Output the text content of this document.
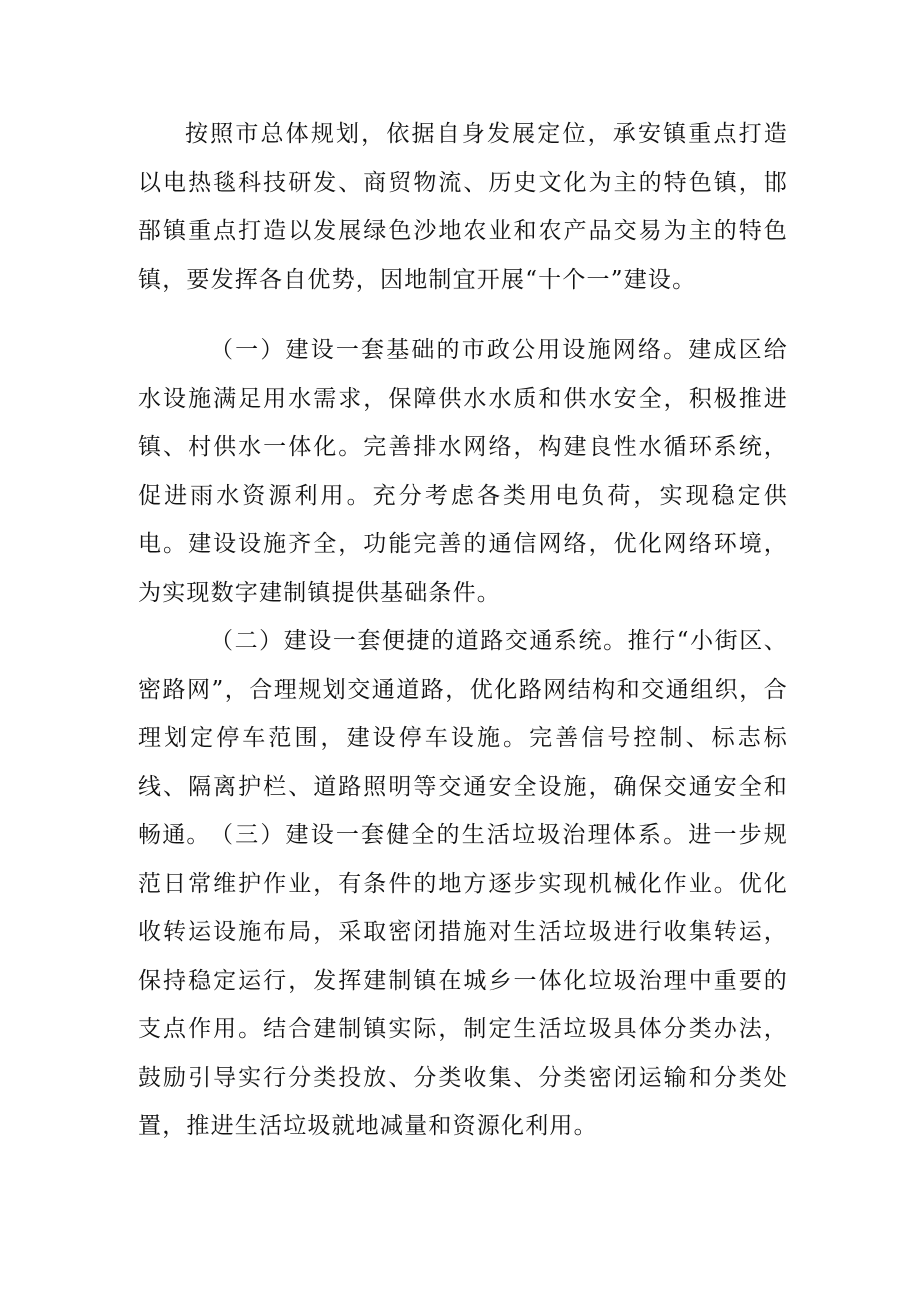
按照市总体规划，依据自身发展定位，承安镇重点打造以电热毯科技研发、商贸物流、历史文化为主的特色镇，邯郚镇重点打造以发展绿色沙地农业和农产品交易为主的特色镇，要发挥各自优势，因地制宜开展“十个一”建设。

（一）建设一套基础的市政公用设施网络。建成区给水设施满足用水需求，保障供水水质和供水安全，积极推进镇、村供水一体化。完善排水网络，构建良性水循环系统，促进雨水资源利用。充分考虑各类用电负荷，实现稳定供电。建设设施齐全，功能完善的通信网络，优化网络环境，为实现数字建制镇提供基础条件。

（二）建设一套便捷的道路交通系统。推行“小街区、密路网”，合理规划交通道路，优化路网结构和交通组织，合理划定停车范围，建设停车设施。完善信号控制、标志标线、隔离护栏、道路照明等交通安全设施，确保交通安全和畅通。 （三）建设一套健全的生活垃圾治理体系。进一步规范日常维护作业，有条件的地方逐步实现机械化作业。优化收转运设施布局，采取密闭措施对生活垃圾进行收集转运，保持稳定运行，发挥建制镇在城乡一体化垃圾治理中重要的支点作用。结合建制镇实际，制定生活垃圾具体分类办法，鼓励引导实行分类投放、分类收集、分类密闭运输和分类处置，推进生活垃圾就地减量和资源化利用。
